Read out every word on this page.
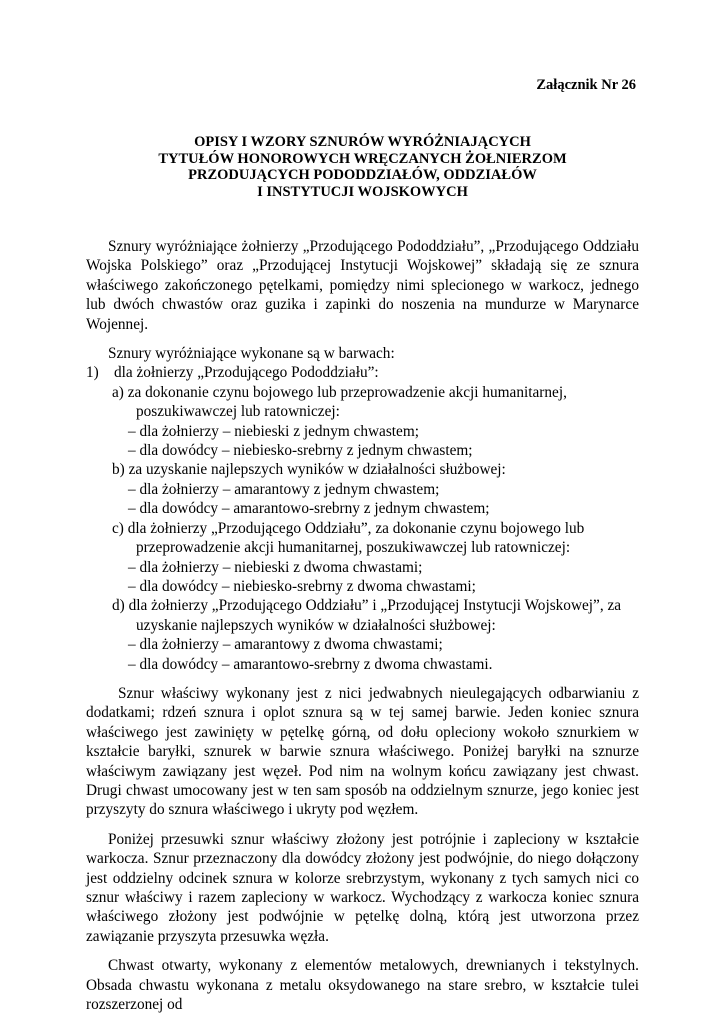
Załącznik Nr 26
OPISY I WZORY SZNURÓW WYRÓŻNIAJĄCYCH
TYTUŁÓW HONOROWYCH WRĘCZANYCH ŻOŁNIERZOM
PRZODUJĄCYCH PODODDZIAŁÓW, ODDZIAŁÓW
I INSTYTUCJI WOJSKOWYCH

Sznury wyróżniające żołnierzy „Przodującego Pododdziału”, „Przodującego Oddziału Wojska Polskiego” oraz „Przodującej Instytucji Wojskowej” składają się ze sznura właściwego zakończonego pętelkami, pomiędzy nimi splecionego w warkocz, jednego lub dwóch chwastów oraz guzika i zapinki do noszenia na mundurze w Marynarce Wojennej.

Sznury wyróżniające wykonane są w barwach:

1) dla żołnierzy „Przodującego Pododdziału”:
a) za dokonanie czynu bojowego lub przeprowadzenie akcji humanitarnej,
poszukiwawczej lub ratowniczej:
– dla żołnierzy – niebieski z jednym chwastem;
– dla dowódcy – niebiesko-srebrny z jednym chwastem;
b) za uzyskanie najlepszych wyników w działalności służbowej:
– dla żołnierzy – amarantowy z jednym chwastem;
– dla dowódcy – amarantowo-srebrny z jednym chwastem;
c) dla żołnierzy „Przodującego Oddziału”, za dokonanie czynu bojowego lub
przeprowadzenie akcji humanitarnej, poszukiwawczej lub ratowniczej:
– dla żołnierzy – niebieski z dwoma chwastami;
– dla dowódcy – niebiesko-srebrny z dwoma chwastami;
d) dla żołnierzy „Przodującego Oddziału” i „Przodującej Instytucji Wojskowej”, za
uzyskanie najlepszych wyników w działalności służbowej:
– dla żołnierzy – amarantowy z dwoma chwastami;
– dla dowódcy – amarantowo-srebrny z dwoma chwastami.

Sznur właściwy wykonany jest z nici jedwabnych nieulegających odbarwianiu z dodatkami; rdzeń sznura i oplot sznura są w tej samej barwie. Jeden koniec sznura właściwego jest zawinięty w pętelkę górną, od dołu opleciony wokoło sznurkiem w kształcie baryłki, sznurek w barwie sznura właściwego. Poniżej baryłki na sznurze właściwym zawiązany jest węzeł. Pod nim na wolnym końcu zawiązany jest chwast. Drugi chwast umocowany jest w ten sam sposób na oddzielnym sznurze, jego koniec jest przyszyty do sznura właściwego i ukryty pod węzłem.

Poniżej przesuwki sznur właściwy złożony jest potrójnie i zapleciony w kształcie warkocza. Sznur przeznaczony dla dowódcy złożony jest podwójnie, do niego dołączony jest oddzielny odcinek sznura w kolorze srebrzystym, wykonany z tych samych nici co sznur właściwy i razem zapleciony w warkocz. Wychodzący z warkocza koniec sznura właściwego złożony jest podwójnie w pętelkę dolną, którą jest utworzona przez zawiązanie przyszyta przesuwka węzła.

Chwast otwarty, wykonany z elementów metalowych, drewnianych i tekstylnych. Obsada chwastu wykonana z metalu oksydowanego na stare srebro, w kształcie tulei rozszerzonej od
